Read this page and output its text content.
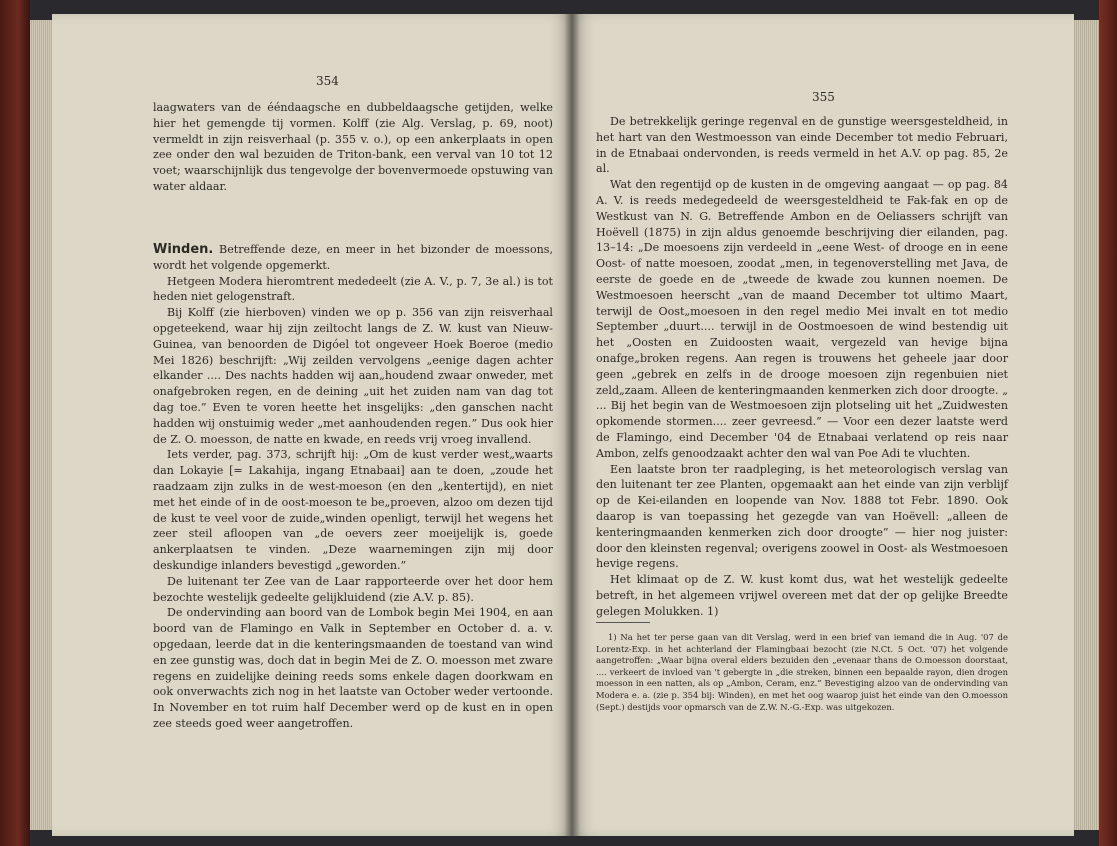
354

laagwaters van de ééndaagsche en dubbeldaagsche getijden, welke hier het gemengde tij vormen. Kolff (zie Alg. Verslag, p. 69, noot) vermeldt in zijn reisverhaal (p. 355 v. o.), op een ankerplaats in open zee onder den wal bezuiden de Triton-bank, een verval van 10 tot 12 voet; waarschijnlijk dus tengevolge der bovenvermoede opstuwing van water aldaar.

Winden. Betreffende deze, en meer in het bizonder de moessons, wordt het volgende opgemerkt.

Hetgeen Modera hieromtrent mededeelt (zie A. V., p. 7, 3e al.) is tot heden niet gelogenstraft.

Bij Kolff (zie hierboven) vinden we op p. 356 van zijn reisverhaal opgeteekend, waar hij zijn zeiltocht langs de Z. W. kust van Nieuw-Guinea, van benoorden de Digóel tot ongeveer Hoek Boeroe (medio Mei 1826) beschrijft: „Wij zeilden vervolgens „eenige dagen achter elkander .... Des nachts hadden wij aan„houdend zwaar onweder, met onafgebroken regen, en de deining „uit het zuiden nam van dag tot dag toe.” Even te voren heette het insgelijks: „den ganschen nacht hadden wij onstuimig weder „met aanhoudenden regen.” Dus ook hier de Z. O. moesson, de natte en kwade, en reeds vrij vroeg invallend.

Iets verder, pag. 373, schrijft hij: „Om de kust verder west„waarts dan Lokayie [= Lakahija, ingang Etnabaai] aan te doen, „zoude het raadzaam zijn zulks in de west-moeson (en den „kentertijd), en niet met het einde of in de oost-moeson te be„proeven, alzoo om dezen tijd de kust te veel voor de zuide„winden openligt, terwijl het wegens het zeer steil afloopen van „de oevers zeer moeijelijk is, goede ankerplaatsen te vinden. „Deze waarnemingen zijn mij door deskundige inlanders bevestigd „geworden.”

De luitenant ter Zee van de Laar rapporteerde over het door hem bezochte westelijk gedeelte gelijkluidend (zie A.V. p. 85).

De ondervinding aan boord van de Lombok begin Mei 1904, en aan boord van de Flamingo en Valk in September en October d. a. v. opgedaan, leerde dat in die kenteringsmaanden de toestand van wind en zee gunstig was, doch dat in begin Mei de Z. O. moesson met zware regens en zuidelijke deining reeds soms enkele dagen doorkwam en ook onverwachts zich nog in het laatste van October weder vertoonde. In November en tot ruim half December werd op de kust en in open zee steeds goed weer aangetroffen.

355

De betrekkelijk geringe regenval en de gunstige weersgesteldheid, in het hart van den Westmoesson van einde December tot medio Februari, in de Etnabaai ondervonden, is reeds vermeld in het A.V. op pag. 85, 2e al.

Wat den regentijd op de kusten in de omgeving aangaat — op pag. 84 A. V. is reeds medegedeeld de weersgesteldheid te Fak-fak en op de Westkust van N. G. Betreffende Ambon en de Oeliassers schrijft van Hoëvell (1875) in zijn aldus genoemde beschrijving dier eilanden, pag. 13–14: „De moesoens zijn verdeeld in „eene West- of drooge en in eene Oost- of natte moesoen, zoodat „men, in tegenoverstelling met Java, de eerste de goede en de „tweede de kwade zou kunnen noemen. De Westmoesoen heerscht „van de maand December tot ultimo Maart, terwijl de Oost„moesoen in den regel medio Mei invalt en tot medio September „duurt.... terwijl in de Oostmoesoen de wind bestendig uit het „Oosten en Zuidoosten waait, vergezeld van hevige bijna onafge„broken regens. Aan regen is trouwens het geheele jaar door geen „gebrek en zelfs in de drooge moesoen zijn regenbuien niet zeld„zaam. Alleen de kenteringmaanden kenmerken zich door droogte. „ ... Bij het begin van de Westmoesoen zijn plotseling uit het „Zuidwesten opkomende stormen.... zeer gevreesd.” — Voor een dezer laatste werd de Flamingo, eind December '04 de Etnabaai verlatend op reis naar Ambon, zelfs genoodzaakt achter den wal van Poe Adi te vluchten.

Een laatste bron ter raadpleging, is het meteorologisch verslag van den luitenant ter zee Planten, opgemaakt aan het einde van zijn verblijf op de Kei-eilanden en loopende van Nov. 1888 tot Febr. 1890. Ook daarop is van toepassing het gezegde van van Hoëvell: „alleen de kenteringmaanden kenmerken zich door droogte” — hier nog juister: door den kleinsten regenval; overigens zoowel in Oost- als Westmoesoen hevige regens.

Het klimaat op de Z. W. kust komt dus, wat het westelijk gedeelte betreft, in het algemeen vrijwel overeen met dat der op gelijke Breedte gelegen Molukken. 1)

1) Na het ter perse gaan van dit Verslag, werd in een brief van iemand die in Aug. '07 de Lorentz-Exp. in het achterland der Flamingbaai bezocht (zie N.Ct. 5 Oct. '07) het volgende aangetroffen: „Waar bijna overal elders bezuiden den „evenaar thans de O.moesson doorstaat, .... verkeert de invloed van 't gebergte in „die streken, binnen een bepaalde rayon, dien drogen moesson in een natten, als op „Ambon, Ceram, enz.” Bevestiging alzoo van de ondervinding van Modera e. a. (zie p. 354 bij: Winden), en met het oog waarop juist het einde van den O.moesson (Sept.) destijds voor opmarsch van de Z.W. N.-G.-Exp. was uitgekozen.
